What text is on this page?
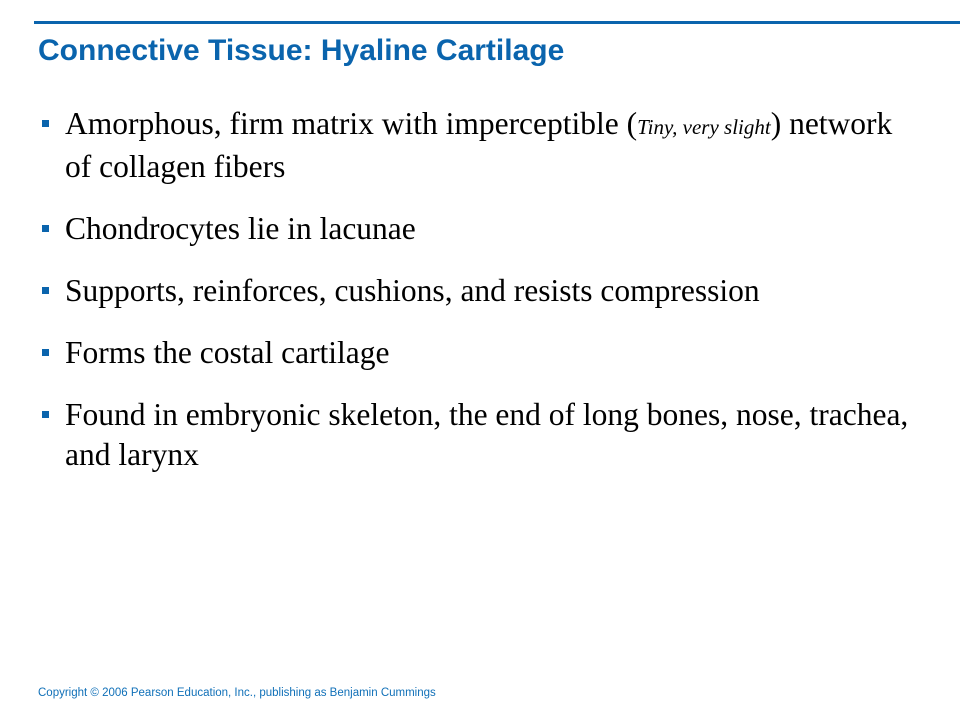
Connective Tissue: Hyaline Cartilage
Amorphous, firm matrix with imperceptible (Tiny, very slight) network of collagen fibers
Chondrocytes lie in lacunae
Supports, reinforces, cushions, and resists compression
Forms the costal cartilage
Found in embryonic skeleton, the end of long bones, nose, trachea, and larynx
Copyright © 2006 Pearson Education, Inc., publishing as Benjamin Cummings
